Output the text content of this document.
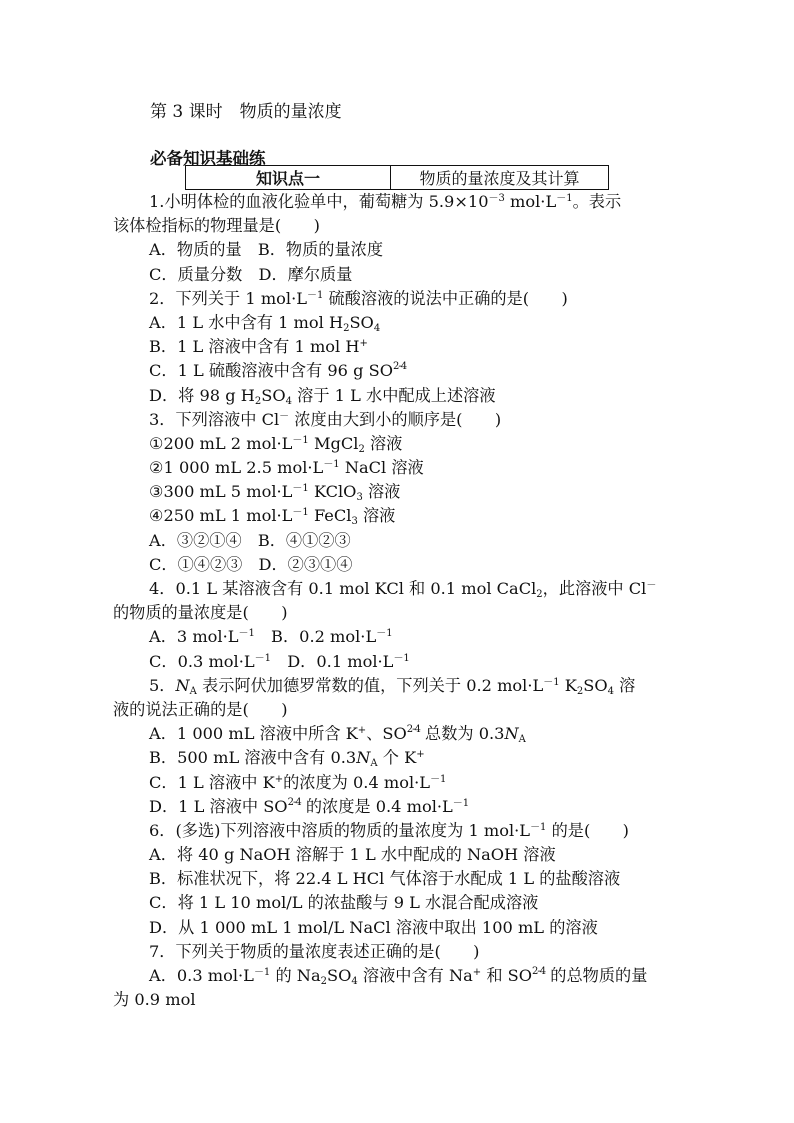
第 3 课时　物质的量浓度
必备知识基础练
知识点一	物质的量浓度及其计算
1.小明体检的血液化验单中，葡萄糖为 $5.9\times 10^{-3}$ $mol\cdot L^{-1}$。表示
该体检指标的物理量是(　　)
A．物质的量　B．物质的量浓度
C．质量分数　D．摩尔质量
2．下列关于 1 $mol\cdot L^{-1}$ 硫酸溶液的说法中正确的是(　　)
A．1 L 水中含有 1 mol $H_2SO_4$
B．1 L 溶液中含有 1 mol H+
C．1 L 硫酸溶液中含有 96 g SO$^{2-4}$
D．将 98 g $H_2SO_4$ 溶于 1 L 水中配成上述溶液
3．下列溶液中 Cl－ 浓度由大到小的顺序是(　　)
①200 mL 2 $mol\cdot L^{-1}$ MgCl$_2$ 溶液
②1 000 mL 2.5 $mol\cdot L^{-1}$ NaCl 溶液
③300 mL 5 $mol\cdot L^{-1}$ KClO$_3$ 溶液
④250 mL 1 $mol\cdot L^{-1}$ FeCl$_3$ 溶液
A．③②①④　B．④①②③
C．①④②③　D．②③①④
4．0.1 L 某溶液含有 0.1 mol KCl 和 0.1 mol CaCl$_2$，此溶液中 Cl－
的物质的量浓度是(　　)
A．3 $mol\cdot L^{-1}$　B．0.2 $mol\cdot L^{-1}$
C．0.3 $mol\cdot L^{-1}$　D．0.1 $mol\cdot L^{-1}$
5．$N_A$ 表示阿伏加德罗常数的值，下列关于 0.2 $mol\cdot L^{-1}$ $K_2SO_4$ 溶
液的说法正确的是(　　)
A．1 000 mL 溶液中所含 K+、SO$^{2-4}$ 总数为 $0.3N_A$
B．500 mL 溶液中含有 $0.3N_A$ 个 K+
C．1 L 溶液中 K+的浓度为 0.4 $mol\cdot L^{-1}$
D．1 L 溶液中 SO$^{2-4}$ 的浓度是 0.4 $mol\cdot L^{-1}$
6．(多选)下列溶液中溶质的物质的量浓度为 1 $mol\cdot L^{-1}$ 的是(　　)
A．将 40 g NaOH 溶解于 1 L 水中配成的 NaOH 溶液
B．标准状况下，将 22.4 L HCl 气体溶于水配成 1 L 的盐酸溶液
C．将 1 L 10 mol/L 的浓盐酸与 9 L 水混合配成溶液
D．从 1 000 mL 1 mol/L NaCl 溶液中取出 100 mL 的溶液
7．下列关于物质的量浓度表述正确的是(　　)
A．0.3 $mol\cdot L^{-1}$ 的 $Na_2SO_4$ 溶液中含有 Na+ 和 SO$^{2-4}$ 的总物质的量
为 0.9 mol
